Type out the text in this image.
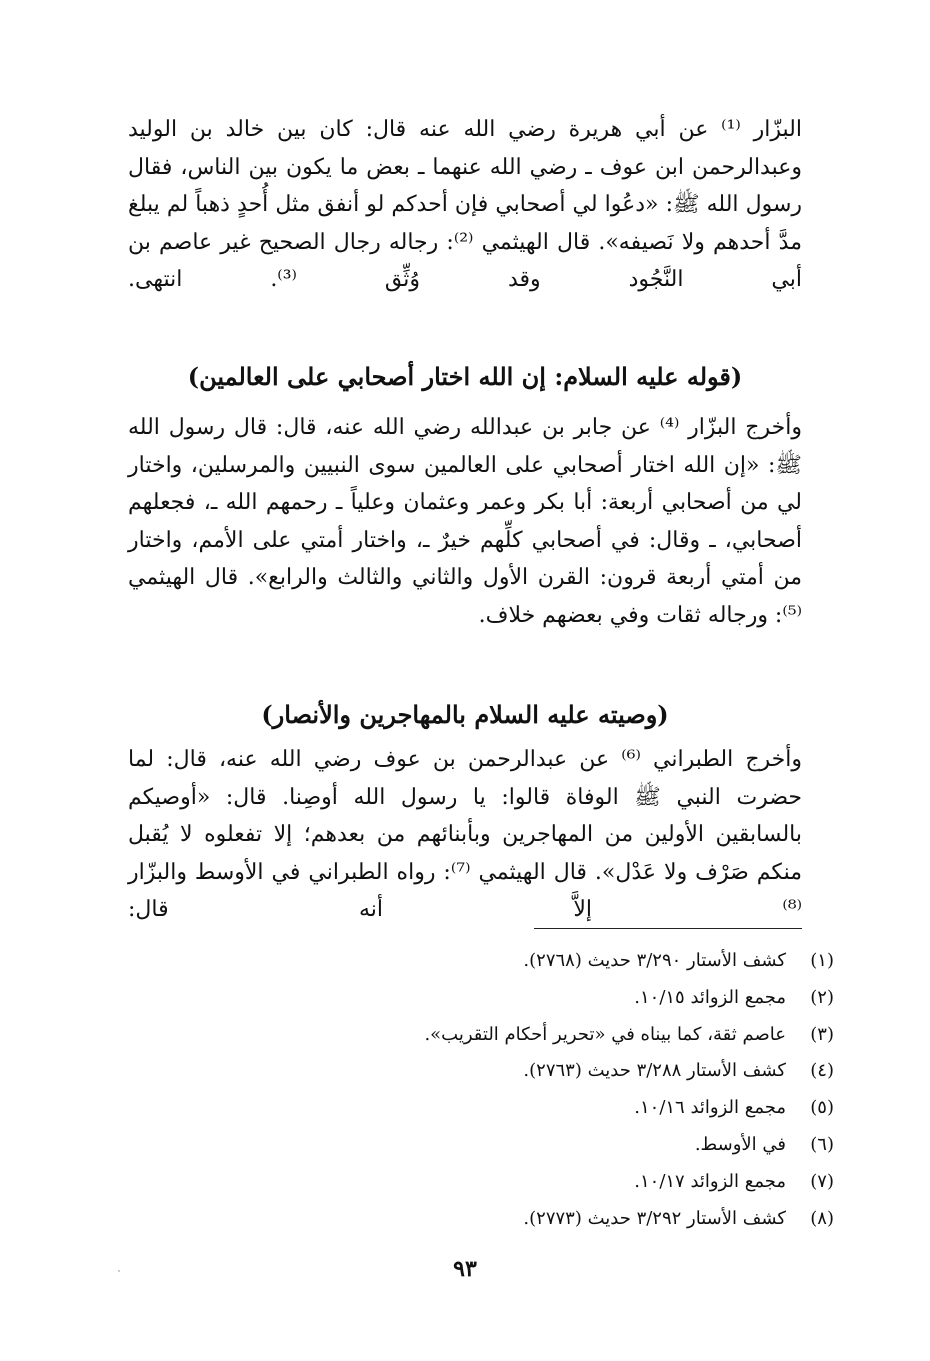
البزّار ⁽¹⁾ عن أبي هريرة رضي الله عنه قال: كان بين خالد بن الوليد وعبدالرحمن ابن عوف ـ رضي الله عنهما ـ بعض ما يكون بين الناس، فقال رسول الله ﷺ: «دعُوا لي أصحابي فإن أحدكم لو أنفق مثل أُحدٍ ذهباً لم يبلغ مدَّ أحدهم ولا نَصيفه». قال الهيثمي ⁽²⁾: رجاله رجال الصحيح غير عاصم بن أبي النَّجُود وقد وُثِّق ⁽³⁾. انتهى.

(قوله عليه السلام: إن الله اختار أصحابي على العالمين)

وأخرج البزّار ⁽⁴⁾ عن جابر بن عبدالله رضي الله عنه، قال: قال رسول الله ﷺ: «إن الله اختار أصحابي على العالمين سوى النبيين والمرسلين، واختار لي من أصحابي أربعة: أبا بكر وعمر وعثمان وعلياً ـ رحمهم الله ـ، فجعلهم أصحابي، ـ وقال: في أصحابي كلِّهم خيرٌ ـ، واختار أمتي على الأمم، واختار من أمتي أربعة قرون: القرن الأول والثاني والثالث والرابع». قال الهيثمي ⁽⁵⁾: ورجاله ثقات وفي بعضهم خلاف.

(وصيته عليه السلام بالمهاجرين والأنصار)

وأخرج الطبراني ⁽⁶⁾ عن عبدالرحمن بن عوف رضي الله عنه، قال: لما حضرت النبي ﷺ الوفاة قالوا: يا رسول الله أوصِنا. قال: «أوصيكم بالسابقين الأولين من المهاجرين وبأبنائهم من بعدهم؛ إلا تفعلوه لا يُقبل منكم صَرْف ولا عَدْل». قال الهيثمي ⁽⁷⁾: رواه الطبراني في الأوسط والبزّار ⁽⁸⁾ إلاَّ أنه قال:

(١)
كشف الأستار ٣/٢٩٠ حديث (٢٧٦٨).
(٢)
مجمع الزوائد ١٠/١٥.
(٣)
عاصم ثقة، كما بيناه في «تحرير أحكام التقريب».
(٤)
كشف الأستار ٣/٢٨٨ حديث (٢٧٦٣).
(٥)
مجمع الزوائد ١٠/١٦.
(٦)
في الأوسط.
(٧)
مجمع الزوائد ١٠/١٧.
(٨)
كشف الأستار ٣/٢٩٢ حديث (٢٧٧٣).
٩٣
